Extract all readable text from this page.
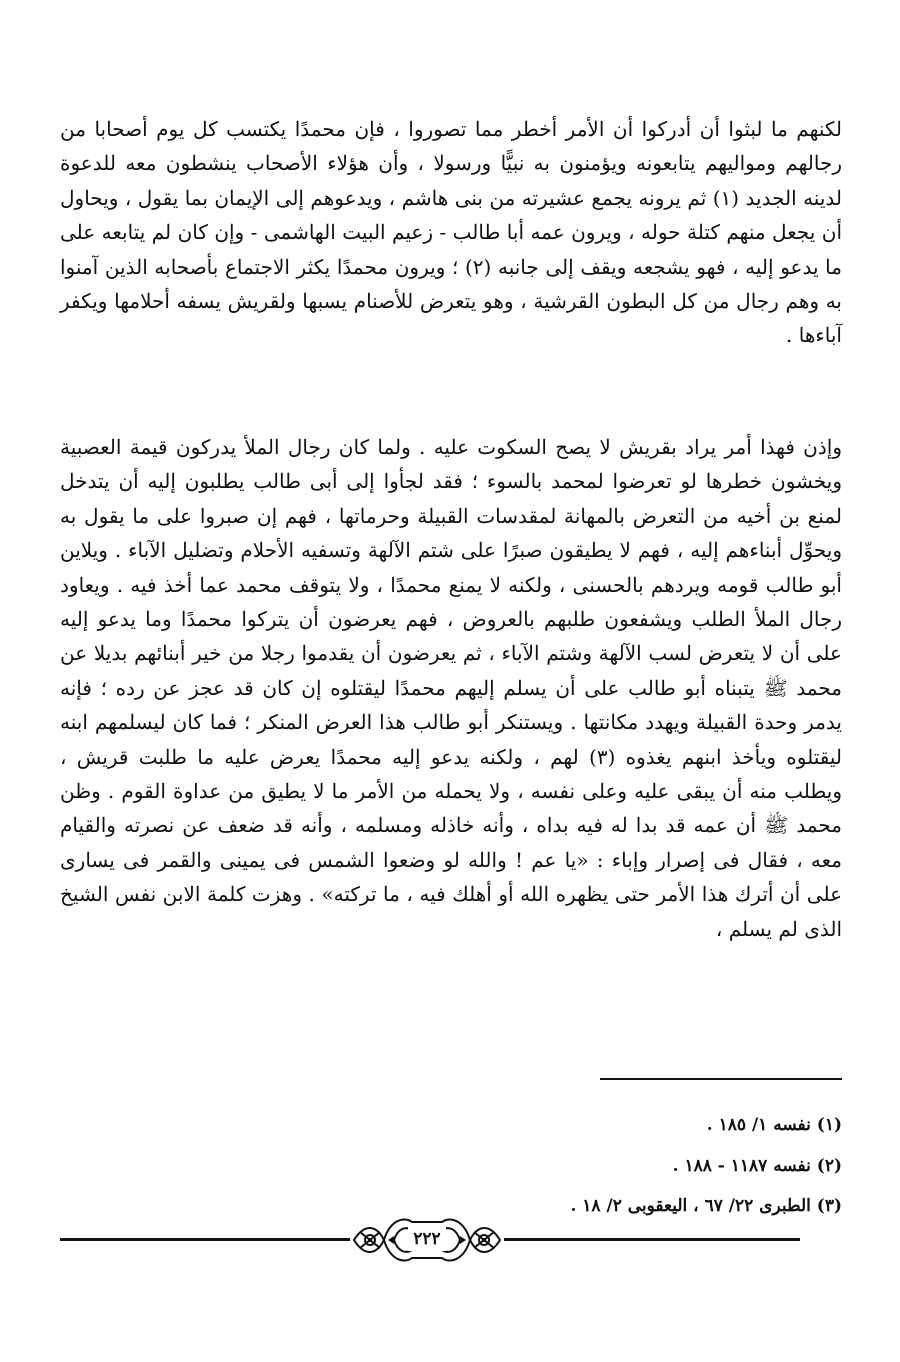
لكنهم ما لبثوا أن أدركوا أن الأمر أخطر مما تصوروا ، فإن محمدًا يكتسب كل يوم أصحابا من رجالهم ومواليهم يتابعونه ويؤمنون به نبيًّا ورسولا ، وأن هؤلاء الأصحاب ينشطون معه للدعوة لدينه الجديد (١) ثم يرونه يجمع عشيرته من بنى هاشم ، ويدعوهم إلى الإيمان بما يقول ، ويحاول أن يجعل منهم كتلة حوله ، ويرون عمه أبا طالب - زعيم البيت الهاشمى - وإن كان لم يتابعه على ما يدعو إليه ، فهو يشجعه ويقف إلى جانبه (٢) ؛ ويرون محمدًا يكثر الاجتماع بأصحابه الذين آمنوا به وهم رجال من كل البطون القرشية ، وهو يتعرض للأصنام يسبها ولقريش يسفه أحلامها ويكفر آباءها .

وإذن فهذا أمر يراد بقريش لا يصح السكوت عليه . ولما كان رجال الملأ يدركون قيمة العصبية ويخشون خطرها لو تعرضوا لمحمد بالسوء ؛ فقد لجأوا إلى أبى طالب يطلبون إليه أن يتدخل لمنع بن أخيه من التعرض بالمهانة لمقدسات القبيلة وحرماتها ، فهم إن صبروا على ما يقول به ويحوِّل أبناءهم إليه ، فهم لا يطيقون صبرًا على شتم الآلهة وتسفيه الأحلام وتضليل الآباء . ويلاين أبو طالب قومه ويردهم بالحسنى ، ولكنه لا يمنع محمدًا ، ولا يتوقف محمد عما أخذ فيه . ويعاود رجال الملأ الطلب ويشفعون طلبهم بالعروض ، فهم يعرضون أن يتركوا محمدًا وما يدعو إليه على أن لا يتعرض لسب الآلهة وشتم الآباء ، ثم يعرضون أن يقدموا رجلا من خير أبنائهم بديلا عن محمد ﷺ يتبناه أبو طالب على أن يسلم إليهم محمدًا ليقتلوه إن كان قد عجز عن رده ؛ فإنه يدمر وحدة القبيلة ويهدد مكانتها . ويستنكر أبو طالب هذا العرض المنكر ؛ فما كان ليسلمهم ابنه ليقتلوه ويأخذ ابنهم يغذوه (٣) لهم ، ولكنه يدعو إليه محمدًا يعرض عليه ما طلبت قريش ، ويطلب منه أن يبقى عليه وعلى نفسه ، ولا يحمله من الأمر ما لا يطيق من عداوة القوم . وظن محمد ﷺ أن عمه قد بدا له فيه بداه ، وأنه خاذله ومسلمه ، وأنه قد ضعف عن نصرته والقيام معه ، فقال فى إصرار وإباء : «يا عم ! والله لو وضعوا الشمس فى يمينى والقمر فى يسارى على أن أترك هذا الأمر حتى يظهره الله أو أهلك فيه ، ما تركته» . وهزت كلمة الابن نفس الشيخ الذى لم يسلم ،

(١) نفسه ١/ ١٨٥ .
(٢) نفسه ١١٨٧ - ١٨٨ .
(٣) الطبرى ٢٢/ ٦٧ ، اليعقوبى ٢/ ١٨ .
٢٢٢
